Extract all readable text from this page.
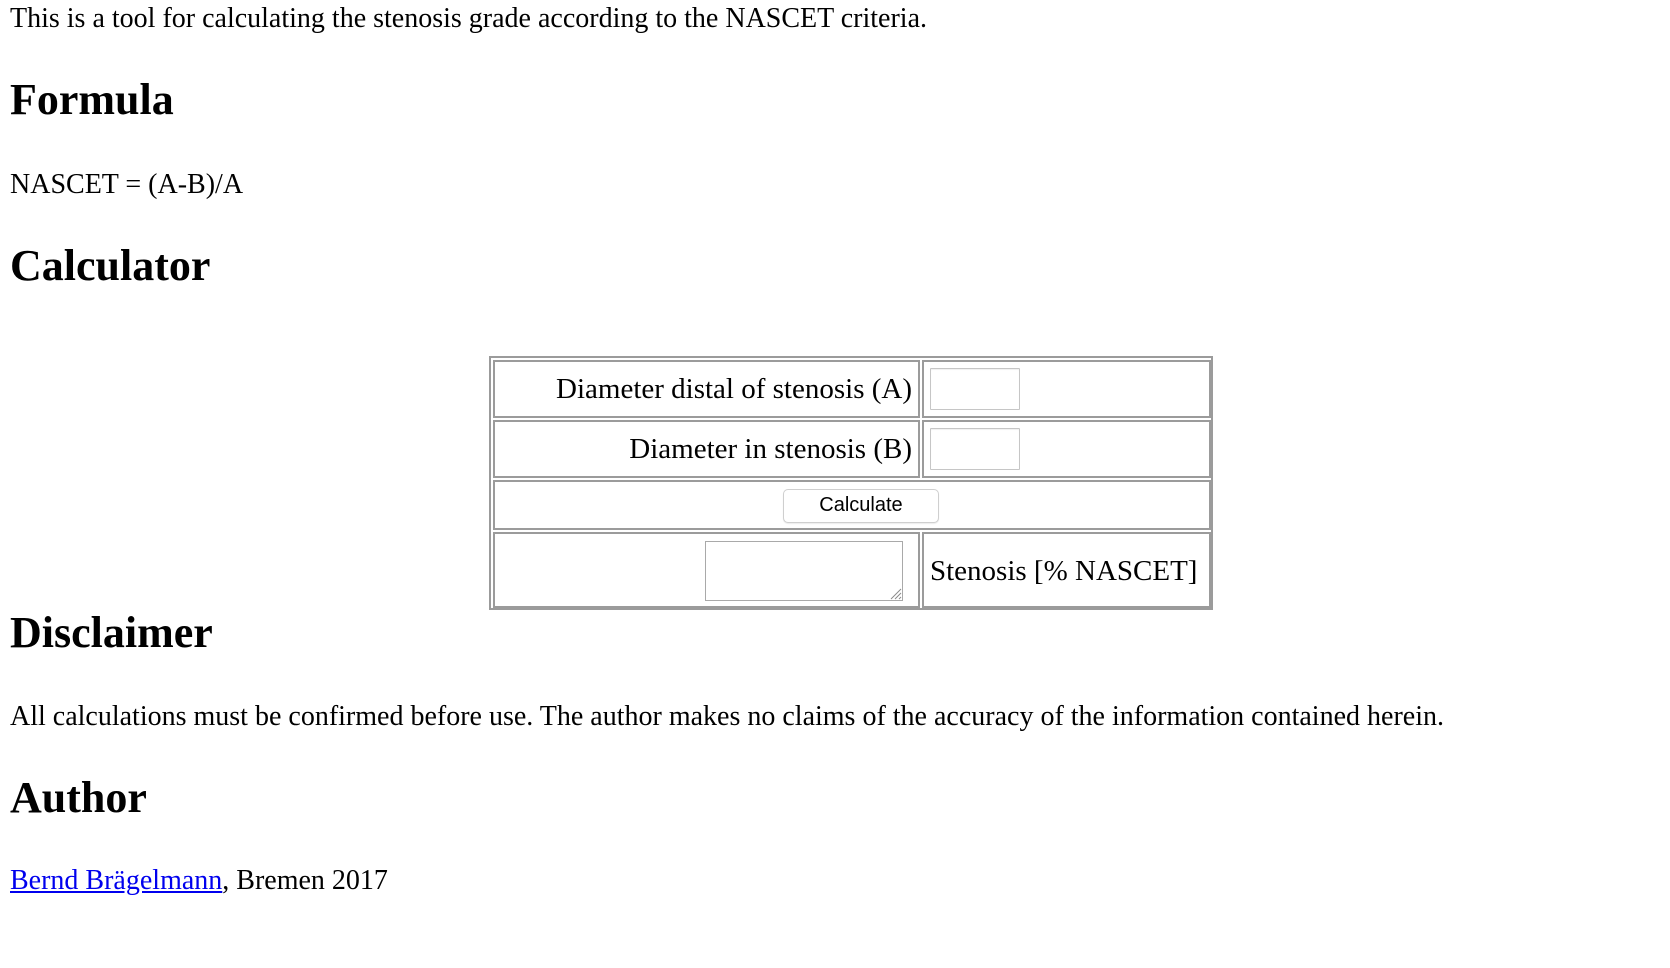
This is a tool for calculating the stenosis grade according to the NASCET criteria.

Formula

NASCET = (A-B)/A

Calculator
Diameter distal of stenosis (A)
Diameter in stenosis (B)
Calculate
Stenosis [% NASCET]
Disclaimer

All calculations must be confirmed before use. The author makes no claims of the accuracy of the information contained herein.

Author

Bernd Brägelmann, Bremen 2017
